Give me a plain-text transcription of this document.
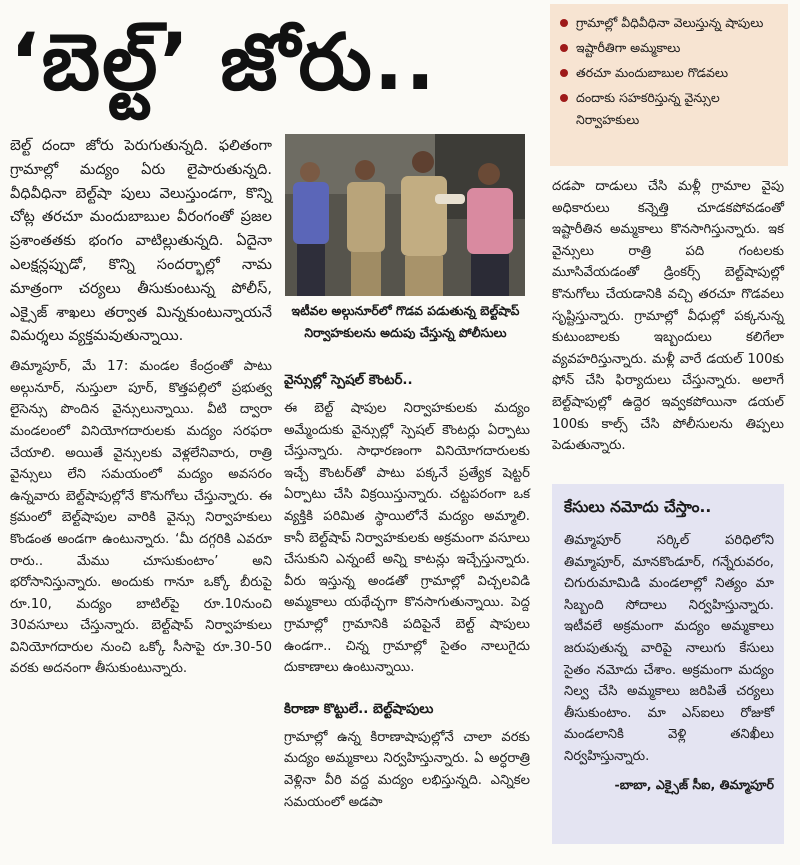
‘బెల్ట్’ జోరు..	గ్రామాల్లో వీధివీధినా వెలుస్తున్న షాపులు
ఇష్టారీతిగా అమ్మకాలు
తరచూ మందుబాబుల గొడవలు
దందాకు సహకరిస్తున్న వైన్సుల నిర్వాహకులు

బెల్ట్ దందా జోరు పెరుగుతున్నది. ఫలితంగా గ్రామాల్లో మద్యం ఏరు లైపారుతున్నది. వీధివీధినా బెల్ట్‌షా పులు వెలుస్తుండగా, కొన్ని చోట్ల తరచూ మందుబాబుల వీరంగంతో ప్రజల ప్రశాంతతకు భంగం వాటిల్లుతున్నది. ఏదైనా ఎలక్షన్లప్పుడో, కొన్ని సందర్భాల్లో నామ మాత్రంగా చర్యలు తీసుకుంటున్న పోలీస్, ఎక్సైజ్ శాఖలు తర్వాత మిన్నకుంటున్నాయనే విమర్శలు వ్యక్తమవుతున్నాయి.

తిమ్మాపూర్, మే 17: మండల కేంద్రంతో పాటు అల్గునూర్, నుస్తులా పూర్, కొత్తపల్లిలో ప్రభుత్వ లైసెన్సు పొందిన వైన్సులున్నాయి. వీటి ద్వారా మండలంలో వినియోగదారులకు మద్యం సరఫరా చేయాలి. అయితే వైన్సులకు వెళ్లలేనివారు, రాత్రి వైన్సులు లేని సమయంలో మద్యం అవసరం ఉన్నవారు బెల్ట్‌షాపుల్లోనే కొనుగోలు చేస్తున్నారు. ఈ క్రమంలో బెల్ట్‌షాపుల వారికి వైన్సు నిర్వాహకులు కొండంత అండగా ఉంటున్నారు. ‘మీ దగ్గరికి ఎవరూ రారు.. మేము చూసుకుంటాం’ అని భరోసానిస్తున్నారు. అందుకు గానూ ఒక్కో బీరుపై రూ.10, మద్యం బాటిల్‌పై రూ.10నుంచి 30వసూలు చేస్తున్నారు. బెల్ట్‌షాప్ నిర్వాహకులు వినియోగదారుల నుంచి ఒక్కో సీసాపై రూ.30-50 వరకు అదనంగా తీసుకుంటున్నారు.

ఇటీవల అల్గునూర్‌లో గొడవ పడుతున్న బెల్ట్‌షాప్ నిర్వాహకులను అదుపు చేస్తున్న పోలీసులు
వైన్సుల్లో స్పెషల్ కౌంటర్..

ఈ బెల్ట్ షాపుల నిర్వాహకులకు మద్యం అమ్మేందుకు వైన్సుల్లో స్పెషల్ కౌంటర్లు ఏర్పాటు చేస్తున్నారు. సాధారణంగా వినియోగదారులకు ఇచ్చే కౌంటర్‌తో పాటు పక్కనే ప్రత్యేక షెట్టర్ ఏర్పాటు చేసి విక్రయిస్తున్నారు. చట్టపరంగా ఒక వ్యక్తికి పరిమిత స్థాయిలోనే మద్యం అమ్మాలి. కానీ బెల్ట్‌షాప్ నిర్వాహకులకు అక్రమంగా వసూలు చేసుకుని ఎన్నంటే అన్ని కాటన్లు ఇచ్చేస్తున్నారు. వీరు ఇస్తున్న అండతో గ్రామాల్లో విచ్చలవిడి అమ్మకాలు యథేచ్ఛగా కొనసాగుతున్నాయి. పెద్ద గ్రామాల్లో గ్రామానికి పదిపైనే బెల్ట్ షాపులు ఉండగా.. చిన్న గ్రామాల్లో సైతం నాలుగైదు దుకాణాలు ఉంటున్నాయి.

కిరాణా కొట్టులే.. బెల్ట్‌షాపులు

గ్రామాల్లో ఉన్న కిరాణాషాపుల్లోనే చాలా వరకు మద్యం అమ్మకాలు నిర్వహిస్తున్నారు. ఏ అర్ధరాత్రి వెళ్లినా వీరి వద్ద మద్యం లభిస్తున్నది. ఎన్నికల సమయంలో అడపా

దడపా దాడులు చేసి మళ్లీ గ్రామాల వైపు అధికారులు కన్నెత్తి చూడకపోవడంతో ఇష్టారీతిన అమ్మకాలు కొనసాగిస్తున్నారు. ఇక వైన్సులు రాత్రి పది గంటలకు మూసివేయడంతో డ్రింకర్స్ బెల్ట్‌షాపుల్లో కొనుగోలు చేయడానికి వచ్చి తరచూ గొడవలు సృష్టిస్తున్నారు. గ్రామాల్లో వీధుల్లో పక్కనున్న కుటుంబాలకు ఇబ్బందులు కలిగేలా వ్యవహరిస్తున్నారు. మళ్లీ వారే డయల్ 100కు ఫోన్ చేసి ఫిర్యాదులు చేస్తున్నారు. అలాగే బెల్ట్‌షాపుల్లో ఉద్దెర ఇవ్వకపోయినా డయల్ 100కు కాల్స్ చేసి పోలీసులను తిప్పలు పెడుతున్నారు.

కేసులు నమోదు చేస్తాం..

తిమ్మాపూర్ సర్కిల్ పరిధిలోని తిమ్మాపూర్, మానకొండూర్, గన్నేరువరం, చిగురుమామిడి మండలాల్లో నిత్యం మా సిబ్బంది సోదాలు నిర్వహిస్తున్నారు. ఇటీవలే అక్రమంగా మద్యం అమ్మకాలు జరుపుతున్న వారిపై నాలుగు కేసులు సైతం నమోదు చేశాం. అక్రమంగా మద్యం నిల్వ చేసి అమ్మకాలు జరిపితే చర్యలు తీసుకుంటాం. మా ఎస్ఐలు రోజుకో మండలానికి వెళ్లి తనిఖీలు నిర్వహిస్తున్నారు.

-బాబా, ఎక్సైజ్ సీఐ, తిమ్మాపూర్
